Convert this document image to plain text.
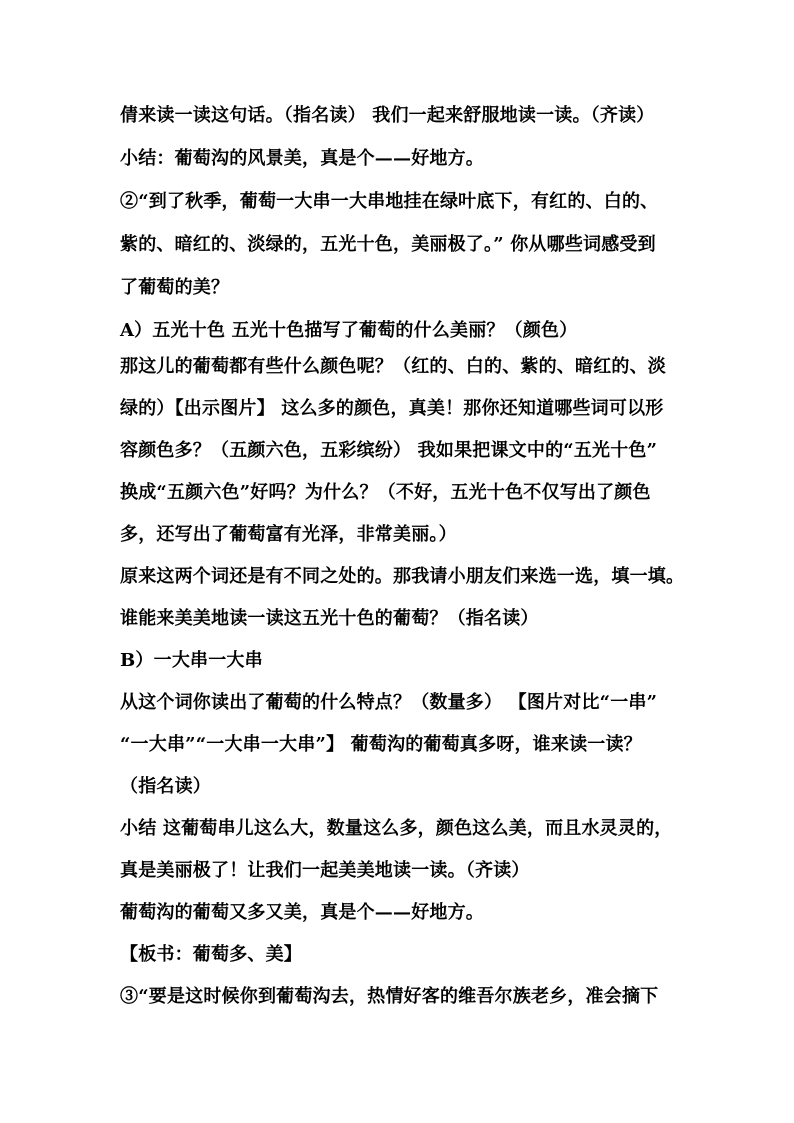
倩来读一读这句话。（指名读） 我们一起来舒服地读一读。（齐读）
小结：葡萄沟的风景美，真是个——好地方。
②“到了秋季，葡萄一大串一大串地挂在绿叶底下，有红的、白的、
紫的、暗红的、淡绿的，五光十色，美丽极了。” 你从哪些词感受到
了葡萄的美？
A）五光十色 五光十色描写了葡萄的什么美丽？（颜色）
那这儿的葡萄都有些什么颜色呢？（红的、白的、紫的、暗红的、淡
绿的）【出示图片】 这么多的颜色，真美！那你还知道哪些词可以形
容颜色多？（五颜六色，五彩缤纷） 我如果把课文中的“五光十色”
换成“五颜六色”好吗？为什么？（不好，五光十色不仅写出了颜色
多，还写出了葡萄富有光泽，非常美丽。）
原来这两个词还是有不同之处的。那我请小朋友们来选一选，填一填。
谁能来美美地读一读这五光十色的葡萄？（指名读）
B）一大串一大串
从这个词你读出了葡萄的什么特点？（数量多） 【图片对比“一串”
“一大串”“一大串一大串”】 葡萄沟的葡萄真多呀，谁来读一读？
（指名读）
小结 这葡萄串儿这么大，数量这么多，颜色这么美，而且水灵灵的，
真是美丽极了！让我们一起美美地读一读。（齐读）
葡萄沟的葡萄又多又美，真是个——好地方。
【板书：葡萄多、美】
③“要是这时候你到葡萄沟去，热情好客的维吾尔族老乡，准会摘下
